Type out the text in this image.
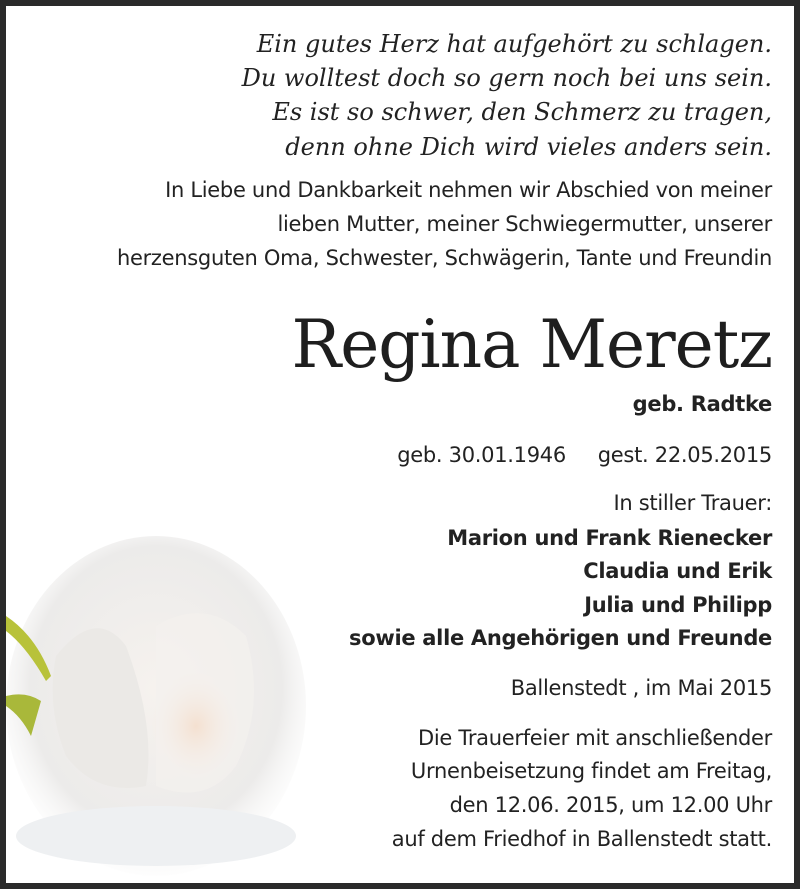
Ein gutes Herz hat aufgehört zu schlagen.
Du wolltest doch so gern noch bei uns sein.
Es ist so schwer, den Schmerz zu tragen,
denn ohne Dich wird vieles anders sein.
In Liebe und Dankbarkeit nehmen wir Abschied von meiner
lieben Mutter, meiner Schwiegermutter, unserer
herzensguten Oma, Schwester, Schwägerin, Tante und Freundin
Regina Meretz
geb. Radtke
geb. 30.01.1946 gest. 22.05.2015
In stiller Trauer:
Marion und Frank Rienecker
Claudia und Erik
Julia und Philipp
sowie alle Angehörigen und Freunde
Ballenstedt , im Mai 2015
Die Trauerfeier mit anschließender
Urnenbeisetzung findet am Freitag,
den 12.06. 2015, um 12.00 Uhr
auf dem Friedhof in Ballenstedt statt.
